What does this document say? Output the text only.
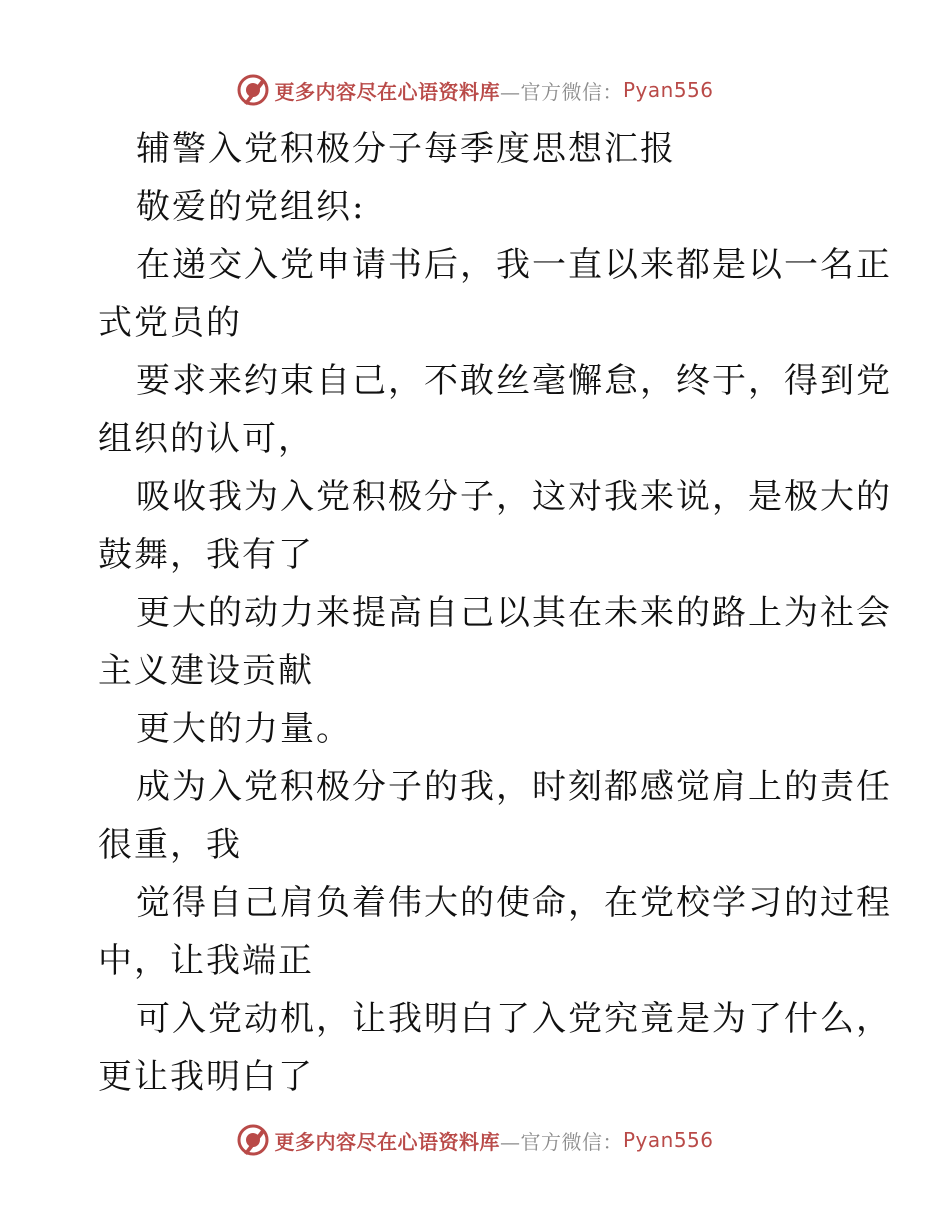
更多内容尽在心语资料库 —官方微信： Pyan556
辅警入党积极分子每季度思想汇报
敬爱的党组织:
在递交入党申请书后，我一直以来都是以一名正
式党员的
要求来约束自己，不敢丝毫懈怠，终于，得到党
组织的认可，
吸收我为入党积极分子，这对我来说，是极大的
鼓舞，我有了
更大的动力来提高自己以其在未来的路上为社会
主义建设贡献
更大的力量。
成为入党积极分子的我，时刻都感觉肩上的责任
很重，我
觉得自己肩负着伟大的使命，在党校学习的过程
中，让我端正
可入党动机，让我明白了入党究竟是为了什么，
更让我明白了
更多内容尽在心语资料库 —官方微信： Pyan556
